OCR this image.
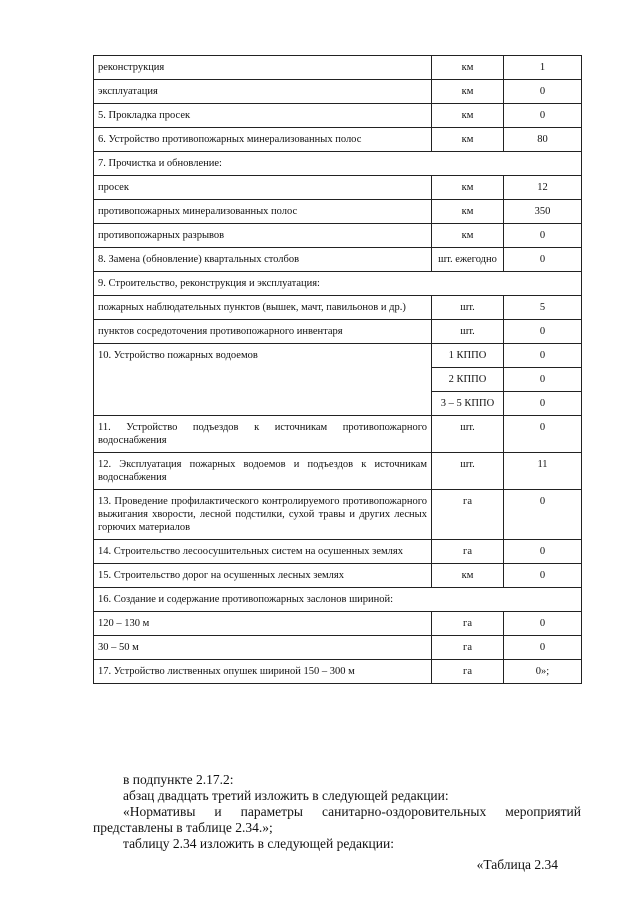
реконструкция	км	1
эксплуатация	км	0
5. Прокладка просек	км	0
6. Устройство противопожарных минерализованных полос	км	80
7. Прочистка и обновление:		
просек	км	12
противопожарных минерализованных полос	км	350
противопожарных разрывов	км	0
8. Замена (обновление) квартальных столбов	шт. ежегодно	0
9. Строительство, реконструкция и эксплуатация:		
пожарных наблюдательных пунктов (вышек, мачт, павильонов и др.)	шт.	5
пунктов сосредоточения противопожарного инвентаря	шт.	0
10. Устройство пожарных водоемов	1 КППО	0
	2 КППО	0
	3 – 5 КППО	0
11. Устройство подъездов к источникам противопожарного водоснабжения	шт.	0
12. Эксплуатация пожарных водоемов и подъездов к источникам водоснабжения	шт.	11
13. Проведение профилактического контролируемого противопожарного выжигания хворости, лесной подстилки, сухой травы и других лесных горючих материалов	га	0
14. Строительство лесоосушительных систем на осушенных землях	га	0
15. Строительство дорог на осушенных лесных землях	км	0
16. Создание и содержание противопожарных заслонов шириной:		
120 – 130 м	га	0
30 – 50 м	га	0
17. Устройство лиственных опушек шириной 150 – 300 м	га	0»;

в подпункте 2.17.2:

абзац двадцать третий изложить в следующей редакции:

«Нормативы и параметры санитарно-оздоровительных мероприятий

представлены в таблице 2.34.»;

таблицу 2.34 изложить в следующей редакции:

«Таблица 2.34
